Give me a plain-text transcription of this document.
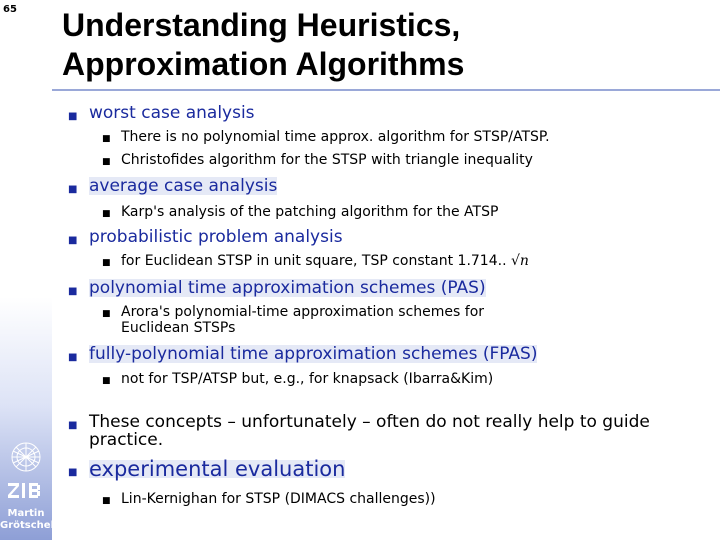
65
Martin
Grötschel
Understanding Heuristics,
Approximation Algorithms
■ worst case analysis
■ There is no polynomial time approx. algorithm for STSP/ATSP.
■ Christofides algorithm for the STSP with triangle inequality
■ average case analysis
■ Karp's analysis of the patching algorithm for the ATSP
■ probabilistic problem analysis
■ for Euclidean STSP in unit square, TSP constant 1.714.. √n
■ polynomial time approximation schemes (PAS)
■ Arora's polynomial-time approximation schemes for
Euclidean STSPs
■ fully-polynomial time approximation schemes (FPAS)
■ not for TSP/ATSP but, e.g., for knapsack (Ibarra&Kim)
■ These concepts – unfortunately – often do not really help to guide
practice.
■ experimental evaluation
■ Lin-Kernighan for STSP (DIMACS challenges))
